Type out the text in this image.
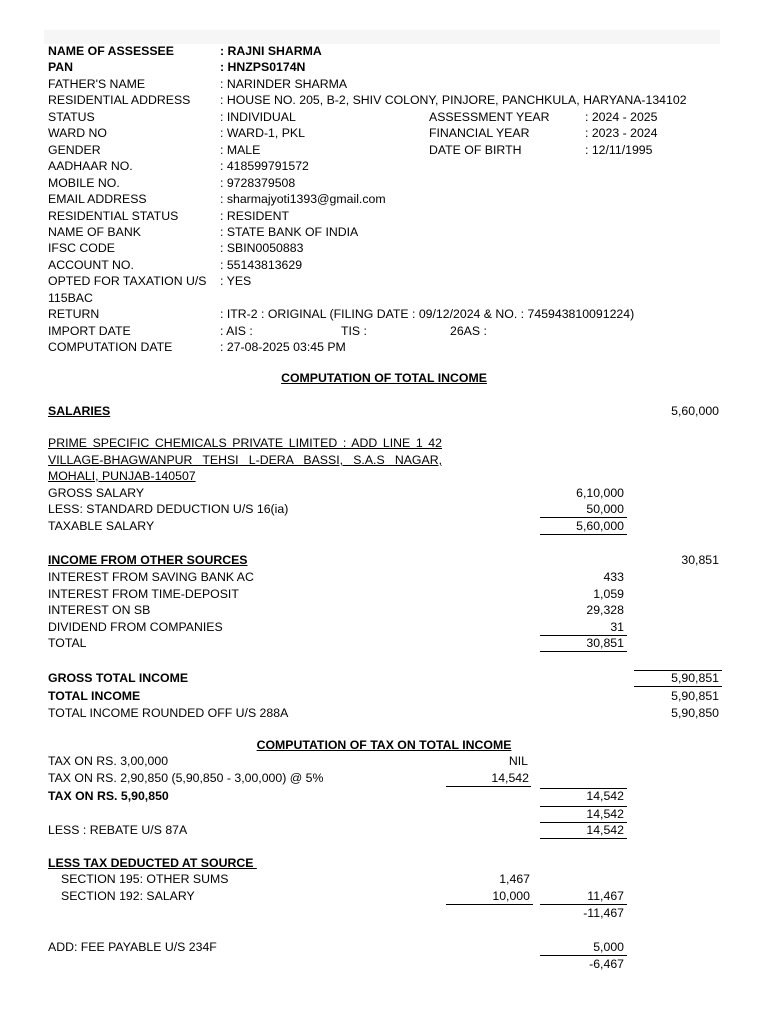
NAME OF ASSESSEE	: RAJNI SHARMA
PAN	: HNZPS0174N
FATHER'S NAME	: NARINDER SHARMA
RESIDENTIAL ADDRESS : HOUSE NO. 205, B-2, SHIV COLONY, PINJORE, PANCHKULA, HARYANA-134102
STATUS	: INDIVIDUAL	ASSESSMENT YEAR	: 2024 - 2025
WARD NO	: WARD-1, PKL	FINANCIAL YEAR	: 2023 - 2024
GENDER	: MALE	DATE OF BIRTH	: 12/11/1995
AADHAAR NO.	: 418599791572
MOBILE NO.	: 9728379508
EMAIL ADDRESS	: sharmajyoti1393@gmail.com
RESIDENTIAL STATUS	: RESIDENT
NAME OF BANK	: STATE BANK OF INDIA
IFSC CODE	: SBIN0050883
ACCOUNT NO.	: 55143813629
OPTED FOR TAXATION U/S : YES
115BAC
RETURN	: ITR-2 : ORIGINAL (FILING DATE : 09/12/2024 & NO. : 745943810091224)
IMPORT DATE	: AIS :	TIS :	26AS :
COMPUTATION DATE	: 27-08-2025 03:45 PM
COMPUTATION OF TOTAL INCOME
SALARIES	5,60,000
PRIME SPECIFIC CHEMICALS PRIVATE LIMITED : ADD LINE 1 42
VILLAGE-BHAGWANPUR TEHSI L-DERA BASSI, S.A.S NAGAR,
MOHALI, PUNJAB-140507
GROSS SALARY	6,10,000
LESS: STANDARD DEDUCTION U/S 16(ia)	50,000
TAXABLE SALARY	5,60,000
INCOME FROM OTHER SOURCES	30,851
INTEREST FROM SAVING BANK AC	433
INTEREST FROM TIME-DEPOSIT	1,059
INTEREST ON SB	29,328
DIVIDEND FROM COMPANIES	31
TOTAL	30,851
GROSS TOTAL INCOME	5,90,851
TOTAL INCOME	5,90,851
TOTAL INCOME ROUNDED OFF U/S 288A	5,90,850
COMPUTATION OF TAX ON TOTAL INCOME
TAX ON RS. 3,00,000	NIL
TAX ON RS. 2,90,850 (5,90,850 - 3,00,000) @ 5%	14,542
TAX ON RS. 5,90,850	14,542
14,542
LESS : REBATE U/S 87A	14,542
LESS TAX DEDUCTED AT SOURCE
SECTION 195: OTHER SUMS	1,467
SECTION 192: SALARY	10,000	11,467
-11,467
ADD: FEE PAYABLE U/S 234F	5,000
-6,467
